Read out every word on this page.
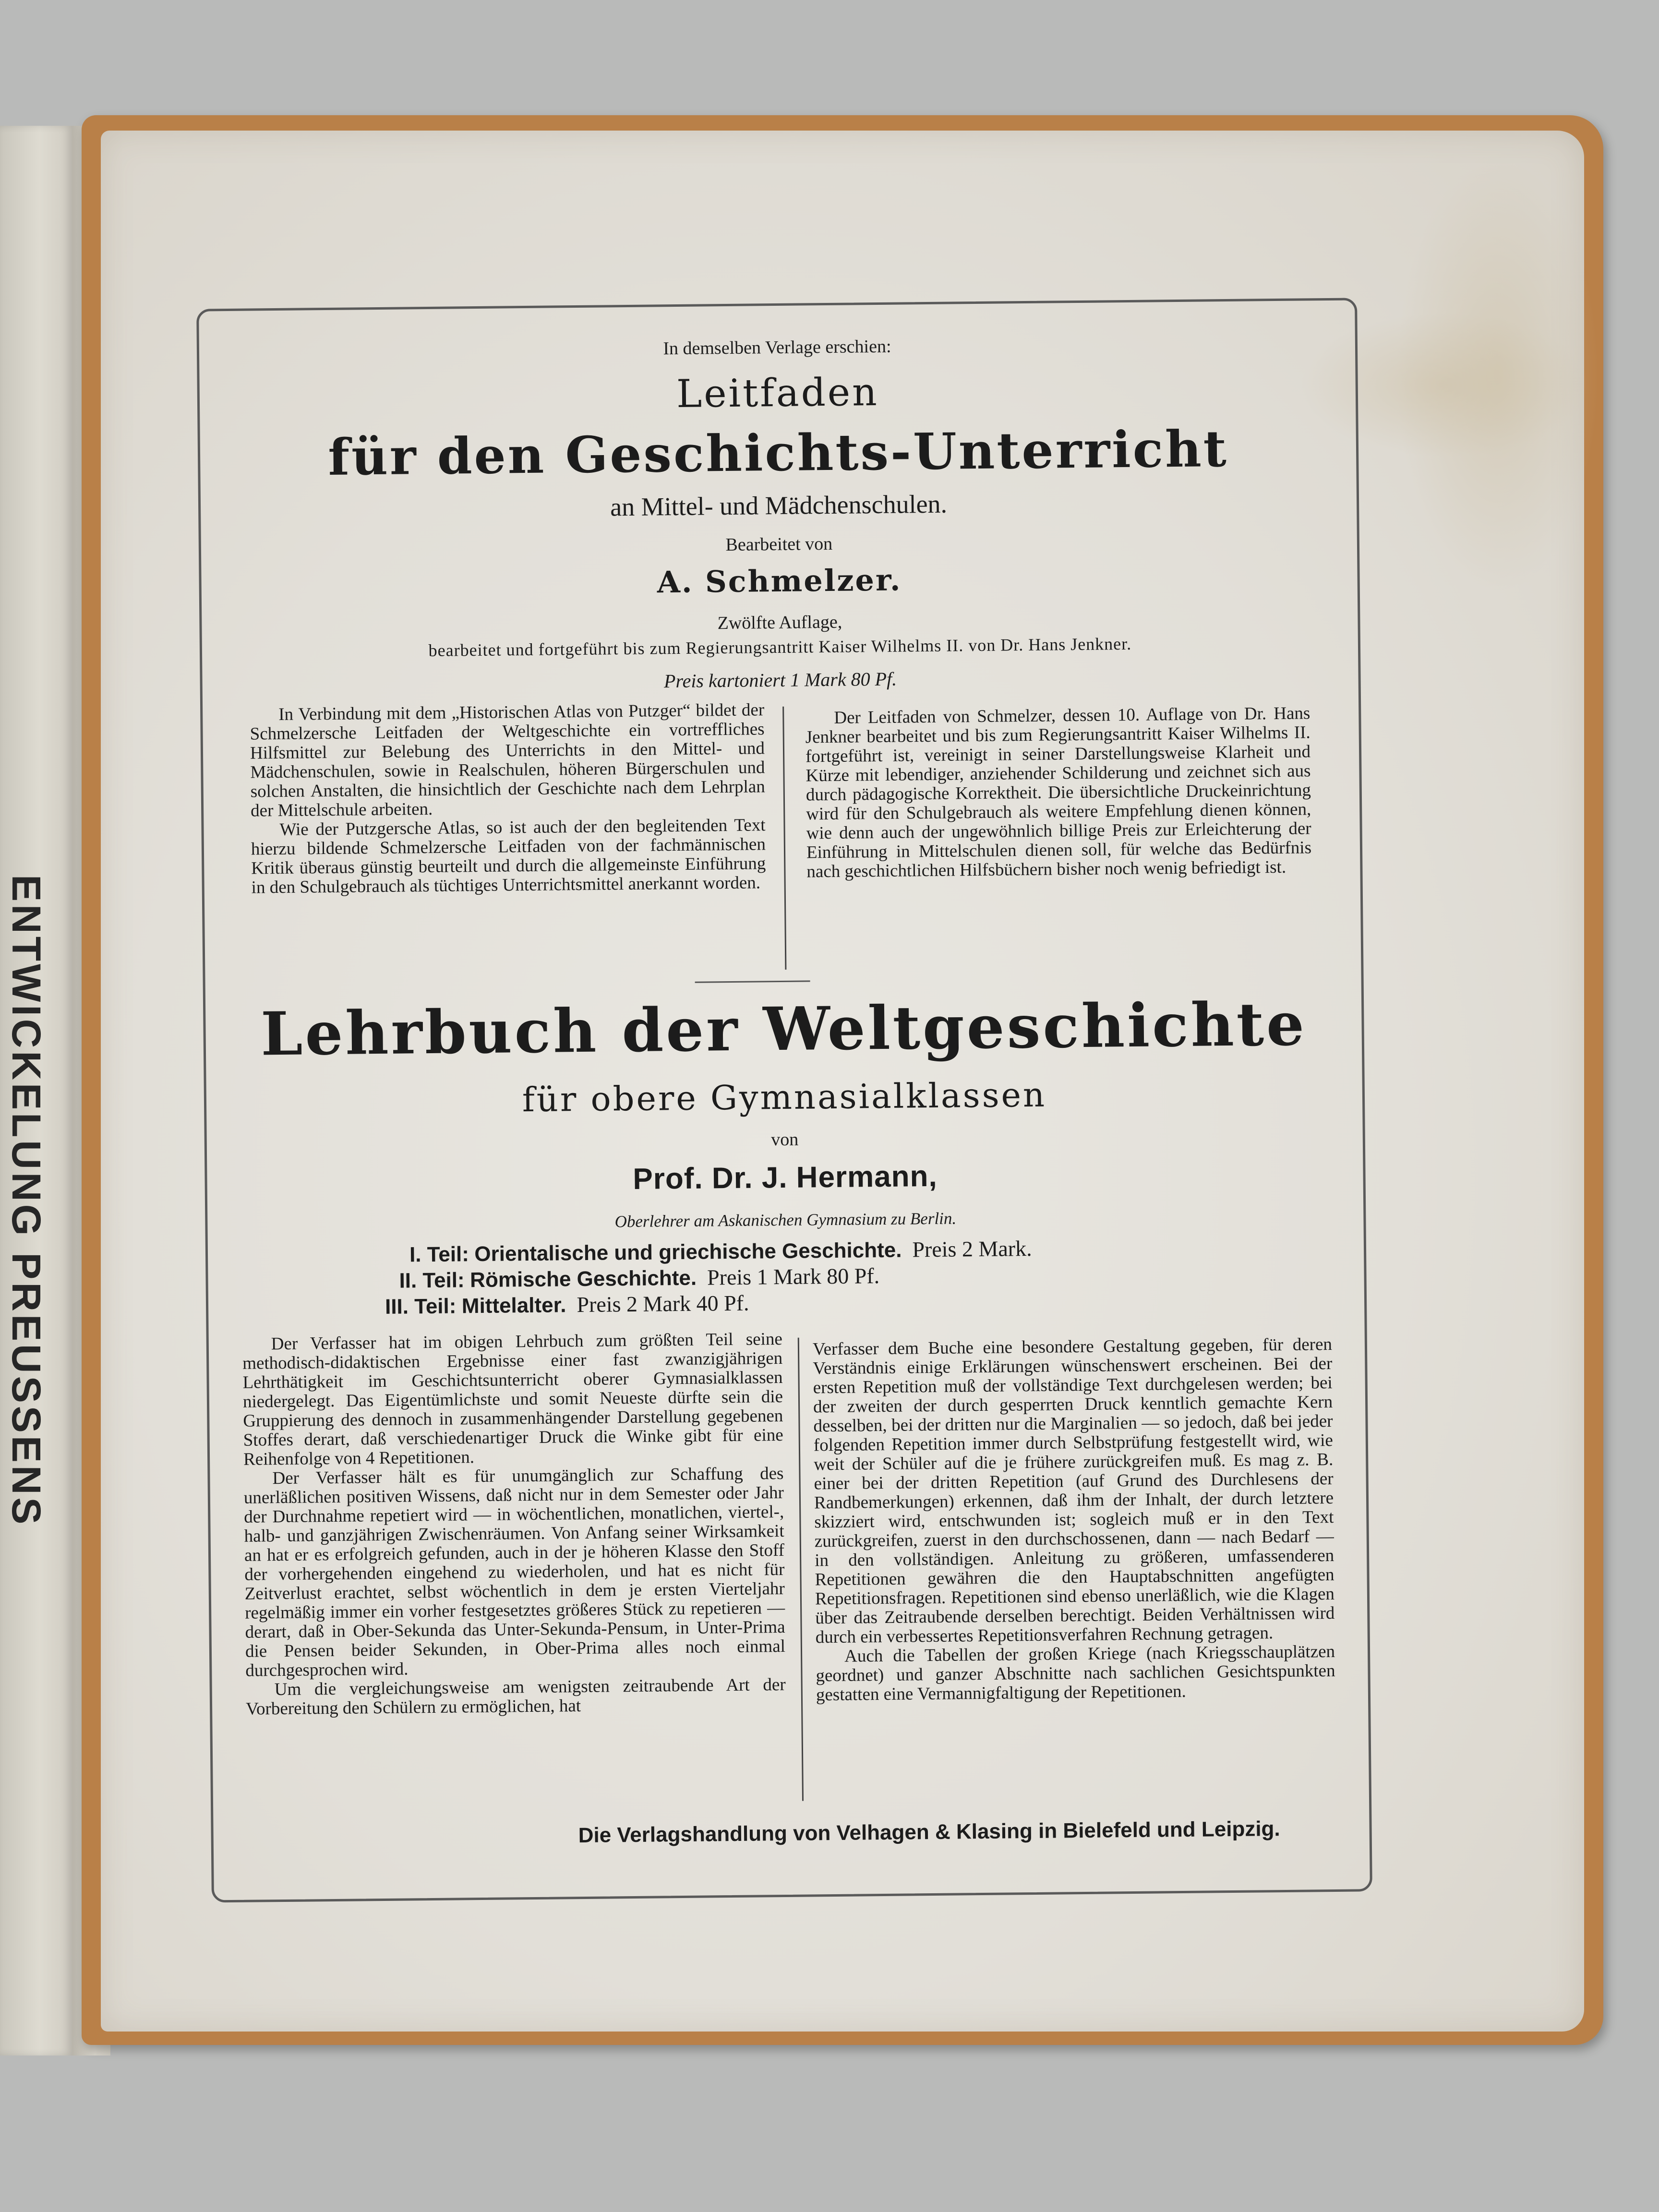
ENTWICKELUNG PREUSSENS
In demselben Verlage erschien:
Leitfaden
für den Geschichts-Unterricht
an Mittel- und Mädchenschulen.
Bearbeitet von
A. Schmelzer.
Zwölfte Auflage,
bearbeitet und fortgeführt bis zum Regierungsantritt Kaiser Wilhelms II. von Dr. Hans Jenkner.
Preis kartoniert 1 Mark 80 Pf.

In Verbindung mit dem „Historischen Atlas von Putzger“ bildet der Schmelzersche Leitfaden der Weltgeschichte ein vortreffliches Hilfsmittel zur Belebung des Unterrichts in den Mittel- und Mädchenschulen, sowie in Realschulen, höheren Bürgerschulen und solchen Anstalten, die hinsichtlich der Geschichte nach dem Lehrplan der Mittelschule arbeiten.

Wie der Putzgersche Atlas, so ist auch der den begleitenden Text hierzu bildende Schmelzersche Leitfaden von der fachmännischen Kritik überaus günstig beurteilt und durch die allgemeinste Einführung in den Schulgebrauch als tüchtiges Unterrichtsmittel anerkannt worden.

Der Leitfaden von Schmelzer, dessen 10. Auflage von Dr. Hans Jenkner bearbeitet und bis zum Regierungsantritt Kaiser Wilhelms II. fortgeführt ist, vereinigt in seiner Darstellungsweise Klarheit und Kürze mit lebendiger, anziehender Schilderung und zeichnet sich aus durch pädagogische Korrektheit. Die übersichtliche Druckeinrichtung wird für den Schulgebrauch als weitere Empfehlung dienen können, wie denn auch der ungewöhnlich billige Preis zur Erleichterung der Einführung in Mittelschulen dienen soll, für welche das Bedürfnis nach geschichtlichen Hilfsbüchern bisher noch wenig befriedigt ist.

Lehrbuch der Weltgeschichte
für obere Gymnasialklassen
von
Prof. Dr. J. Hermann,
Oberlehrer am Askanischen Gymnasium zu Berlin.
I. Teil: Orientalische und griechische Geschichte. Preis 2 Mark.
II. Teil: Römische Geschichte. Preis 1 Mark 80 Pf.
III. Teil: Mittelalter. Preis 2 Mark 40 Pf.

Der Verfasser hat im obigen Lehrbuch zum größten Teil seine methodisch-didaktischen Ergebnisse einer fast zwanzigjährigen Lehrthätigkeit im Geschichtsunterricht oberer Gymnasialklassen niedergelegt. Das Eigentümlichste und somit Neueste dürfte sein die Gruppierung des dennoch in zusammenhängender Darstellung gegebenen Stoffes derart, daß verschiedenartiger Druck die Winke gibt für eine Reihenfolge von 4 Repetitionen.

Der Verfasser hält es für unumgänglich zur Schaffung des unerläßlichen positiven Wissens, daß nicht nur in dem Semester oder Jahr der Durchnahme repetiert wird — in wöchentlichen, monatlichen, viertel-, halb- und ganzjährigen Zwischenräumen. Von Anfang seiner Wirksamkeit an hat er es erfolgreich gefunden, auch in der je höheren Klasse den Stoff der vorhergehenden eingehend zu wiederholen, und hat es nicht für Zeitverlust erachtet, selbst wöchentlich in dem je ersten Vierteljahr regelmäßig immer ein vorher festgesetztes größeres Stück zu repetieren — derart, daß in Ober-Sekunda das Unter-Sekunda-Pensum, in Unter-Prima die Pensen beider Sekunden, in Ober-Prima alles noch einmal durchgesprochen wird.

Um die vergleichungsweise am wenigsten zeitraubende Art der Vorbereitung den Schülern zu ermöglichen, hat

Verfasser dem Buche eine besondere Gestaltung gegeben, für deren Verständnis einige Erklärungen wünschenswert erscheinen. Bei der ersten Repetition muß der vollständige Text durchgelesen werden; bei der zweiten der durch gesperrten Druck kenntlich gemachte Kern desselben, bei der dritten nur die Marginalien — so jedoch, daß bei jeder folgenden Repetition immer durch Selbstprüfung festgestellt wird, wie weit der Schüler auf die je frühere zurückgreifen muß. Es mag z. B. einer bei der dritten Repetition (auf Grund des Durchlesens der Randbemerkungen) erkennen, daß ihm der Inhalt, der durch letztere skizziert wird, entschwunden ist; sogleich muß er in den Text zurückgreifen, zuerst in den durchschossenen, dann — nach Bedarf — in den vollständigen. Anleitung zu größeren, umfassenderen Repetitionen gewähren die den Hauptabschnitten angefügten Repetitionsfragen. Repetitionen sind ebenso unerläßlich, wie die Klagen über das Zeitraubende derselben berechtigt. Beiden Verhältnissen wird durch ein verbessertes Repetitionsverfahren Rechnung getragen.

Auch die Tabellen der großen Kriege (nach Kriegsschauplätzen geordnet) und ganzer Abschnitte nach sachlichen Gesichtspunkten gestatten eine Vermannigfaltigung der Repetitionen.

Die Verlagshandlung von Velhagen & Klasing in Bielefeld und Leipzig.
